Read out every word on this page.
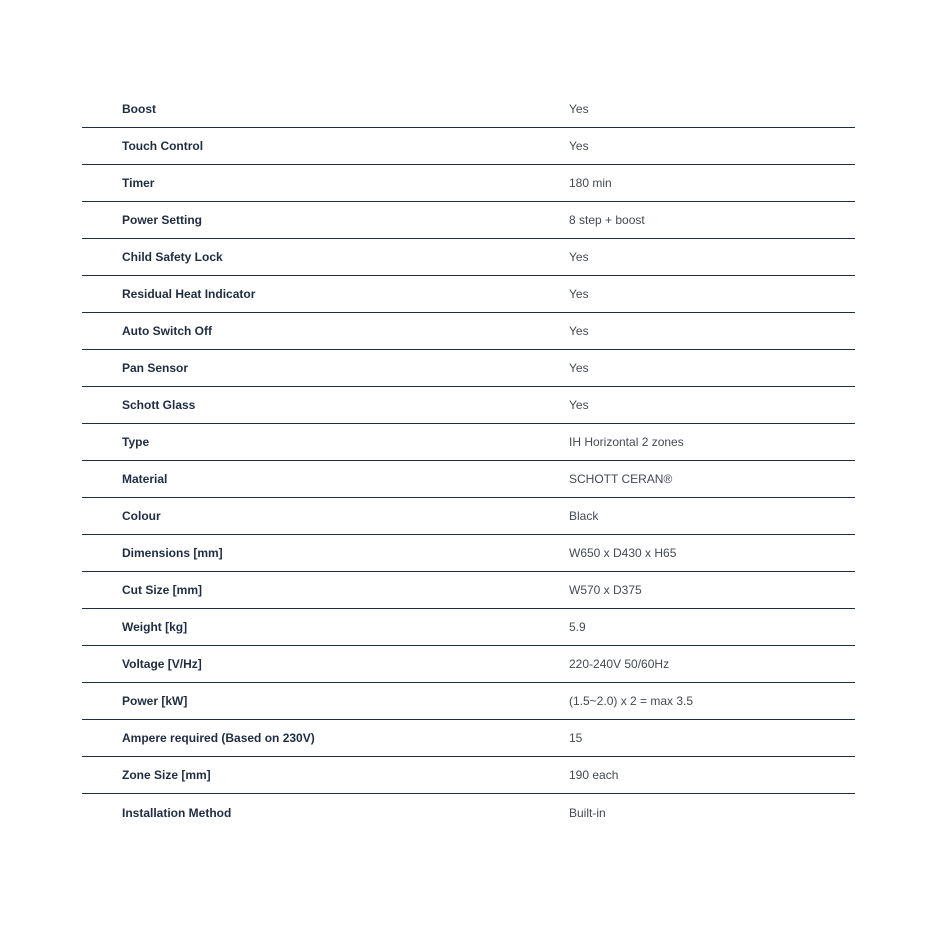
Boost	Yes
Touch Control	Yes
Timer	180 min
Power Setting	8 step + boost
Child Safety Lock	Yes
Residual Heat Indicator	Yes
Auto Switch Off	Yes
Pan Sensor	Yes
Schott Glass	Yes
Type	IH Horizontal 2 zones
Material	SCHOTT CERAN®
Colour	Black
Dimensions [mm]	W650 x D430 x H65
Cut Size [mm]	W570 x D375
Weight [kg]	5.9
Voltage [V/Hz]	220-240V 50/60Hz
Power [kW]	(1.5~2.0) x 2 = max 3.5
Ampere required (Based on 230V)	15
Zone Size [mm]	190 each
Installation Method	Built-in
